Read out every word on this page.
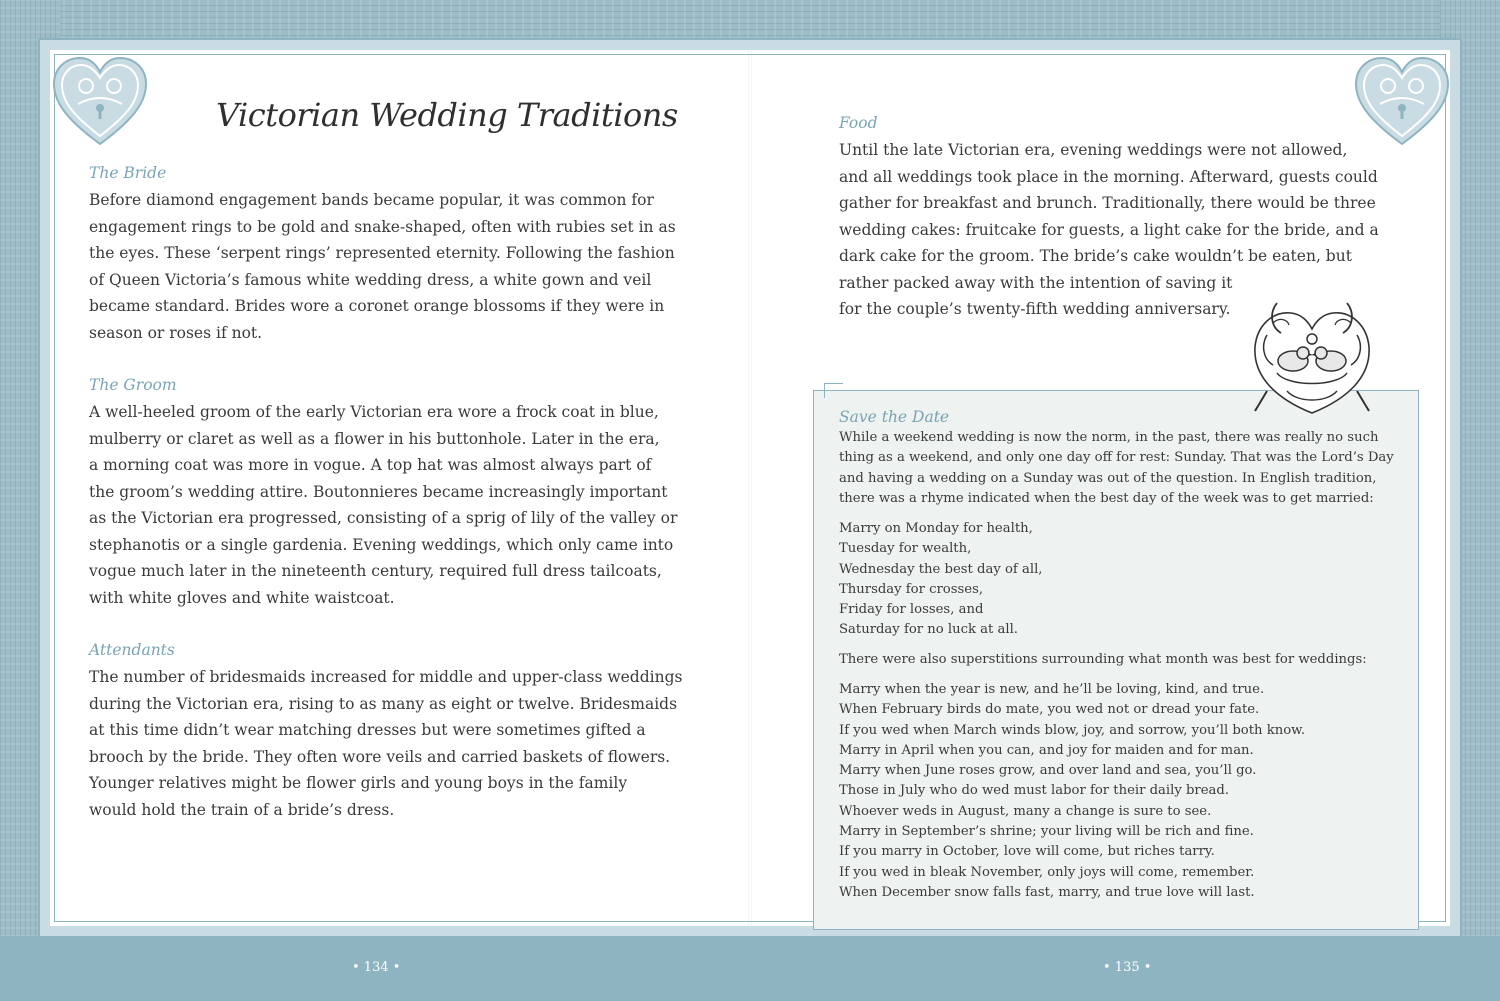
Victorian Wedding Traditions
The Bride
Before diamond engagement bands became popular, it was common for
engagement rings to be gold and snake-shaped, often with rubies set in as
the eyes. These ‘serpent rings’ represented eternity. Following the fashion
of Queen Victoria’s famous white wedding dress, a white gown and veil
became standard. Brides wore a coronet orange blossoms if they were in
season or roses if not.
The Groom
A well-heeled groom of the early Victorian era wore a frock coat in blue,
mulberry or claret as well as a flower in his buttonhole. Later in the era,
a morning coat was more in vogue. A top hat was almost always part of
the groom’s wedding attire. Boutonnieres became increasingly important
as the Victorian era progressed, consisting of a sprig of lily of the valley or
stephanotis or a single gardenia. Evening weddings, which only came into
vogue much later in the nineteenth century, required full dress tailcoats,
with white gloves and white waistcoat.
Attendants
The number of bridesmaids increased for middle and upper-class weddings
during the Victorian era, rising to as many as eight or twelve. Bridesmaids
at this time didn’t wear matching dresses but were sometimes gifted a
brooch by the bride. They often wore veils and carried baskets of flowers.
Younger relatives might be flower girls and young boys in the family
would hold the train of a bride’s dress.
• 134 •
Food
Until the late Victorian era, evening weddings were not allowed,
and all weddings took place in the morning. Afterward, guests could
gather for breakfast and brunch. Traditionally, there would be three
wedding cakes: fruitcake for guests, a light cake for the bride, and a
dark cake for the groom. The bride’s cake wouldn’t be eaten, but
rather packed away with the intention of saving it
for the couple’s twenty-fifth wedding anniversary.
Save the Date
While a weekend wedding is now the norm, in the past, there was really no such
thing as a weekend, and only one day off for rest: Sunday. That was the Lord’s Day
and having a wedding on a Sunday was out of the question. In English tradition,
there was a rhyme indicated when the best day of the week was to get married:
Marry on Monday for health,
Tuesday for wealth,
Wednesday the best day of all,
Thursday for crosses,
Friday for losses, and
Saturday for no luck at all.
There were also superstitions surrounding what month was best for weddings:
Marry when the year is new, and he’ll be loving, kind, and true.
When February birds do mate, you wed not or dread your fate.
If you wed when March winds blow, joy, and sorrow, you’ll both know.
Marry in April when you can, and joy for maiden and for man.
Marry when June roses grow, and over land and sea, you’ll go.
Those in July who do wed must labor for their daily bread.
Whoever weds in August, many a change is sure to see.
Marry in September’s shrine; your living will be rich and fine.
If you marry in October, love will come, but riches tarry.
If you wed in bleak November, only joys will come, remember.
When December snow falls fast, marry, and true love will last.
• 135 •
